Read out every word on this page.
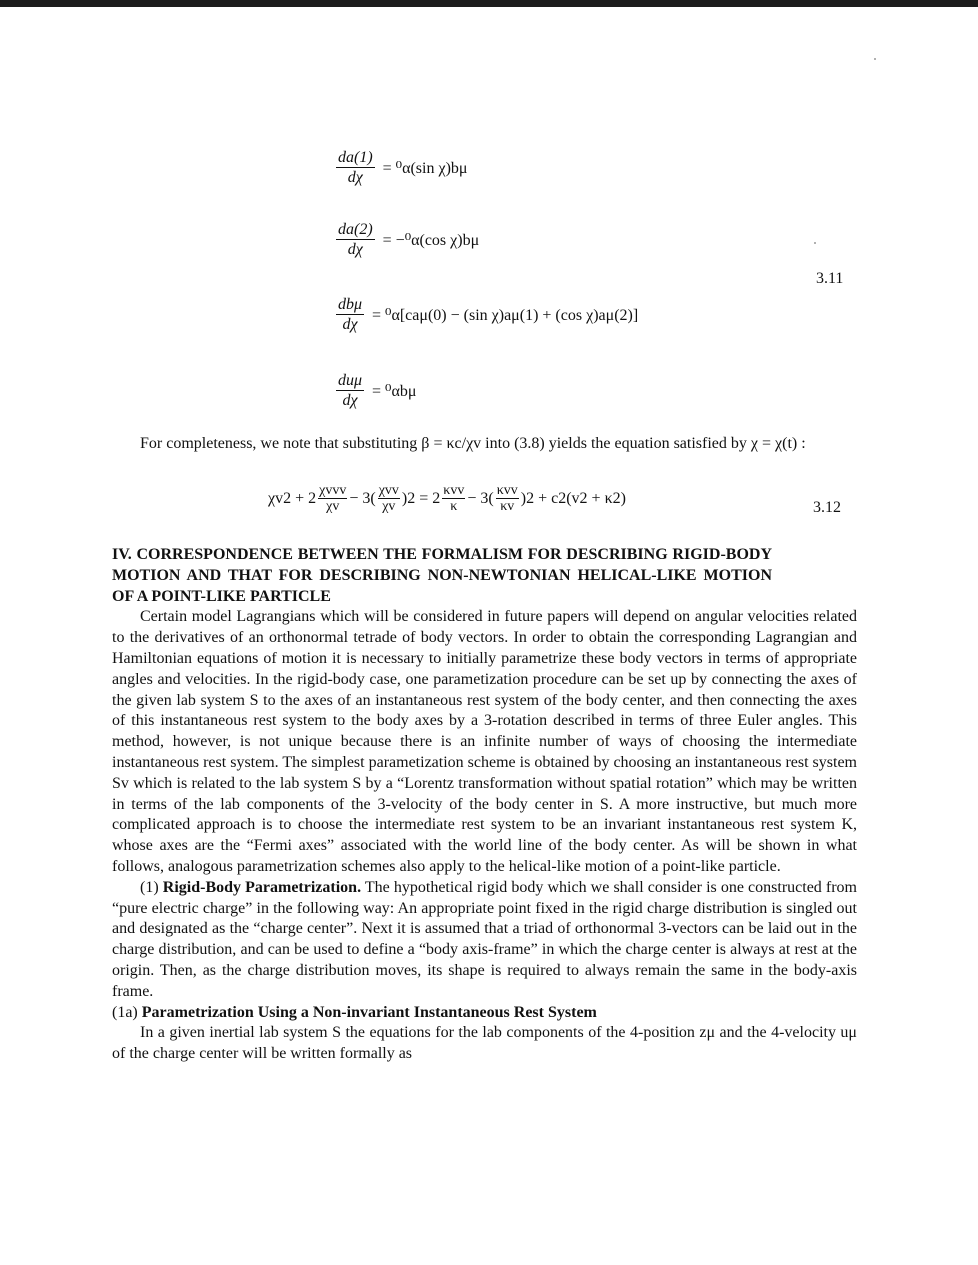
$\frac{da(1)}{d\chi} = ^0\alpha(\sin$ χ)bμ
$\frac{da(2)}{d\chi} = -^0\alpha(\cos$ χ)bμ
3.11
$\frac{\text{dbμ}}{d\chi} = ^0\alpha[ca\mu(0) - (\sin$ χ)aμ(1) + (cos χ)aμ(2)]
$\frac{\text{duμ}}{d\chi} = ^0\alpha b\mu$

For completeness, we note that substituting β = κc/χv into (3.8) yields the equation satisfied by χ = χ(t) :

χv2 + 2 χvvv
χv − 3( χvv
χv )2 = 2 κvv
κ − 3( κvv
κv )2 + c2(v2 + κ2)
3.12

IV. CORRESPONDENCE BETWEEN THE FORMALISM FOR DESCRIBING RIGID-BODY MOTION AND THAT FOR DESCRIBING NON-NEWTONIAN HELICAL-LIKE MOTION OF A POINT-LIKE PARTICLE

Certain model Lagrangians which will be considered in future papers will depend on angular velocities related to the derivatives of an orthonormal tetrade of body vectors. In order to obtain the corresponding Lagrangian and Hamiltonian equations of motion it is necessary to initially parametrize these body vectors in terms of appropriate angles and velocities. In the rigid-body case, one parametization procedure can be set up by connecting the axes of the given lab system S to the axes of an instantaneous rest system of the body center, and then connecting the axes of this instantaneous rest system to the body axes by a 3-rotation described in terms of three Euler angles. This method, however, is not unique because there is an infinite number of ways of choosing the intermediate instantaneous rest system. The simplest parametization scheme is obtained by choosing an instantaneous rest system Sv which is related to the lab system S by a “Lorentz transformation without spatial rotation” which may be written in terms of the lab components of the 3-velocity of the body center in S. A more instructive, but much more complicated approach is to choose the intermediate rest system to be an invariant instantaneous rest system K, whose axes are the “Fermi axes” associated with the world line of the body center. As will be shown in what follows, analogous parametrization schemes also apply to the helical-like motion of a point-like particle.

(1) Rigid-Body Parametrization. The hypothetical rigid body which we shall consider is one constructed from “pure electric charge” in the following way: An appropriate point fixed in the rigid charge distribution is singled out and designated as the “charge center”. Next it is assumed that a triad of orthonormal 3-vectors can be laid out in the charge distribution, and can be used to define a “body axis-frame” in which the charge center is always at rest at the origin. Then, as the charge distribution moves, its shape is required to always remain the same in the body-axis frame.

(1a) Parametrization Using a Non-invariant Instantaneous Rest System

In a given inertial lab system S the equations for the lab components of the 4-position zμ and the 4-velocity uμ of the charge center will be written formally as
